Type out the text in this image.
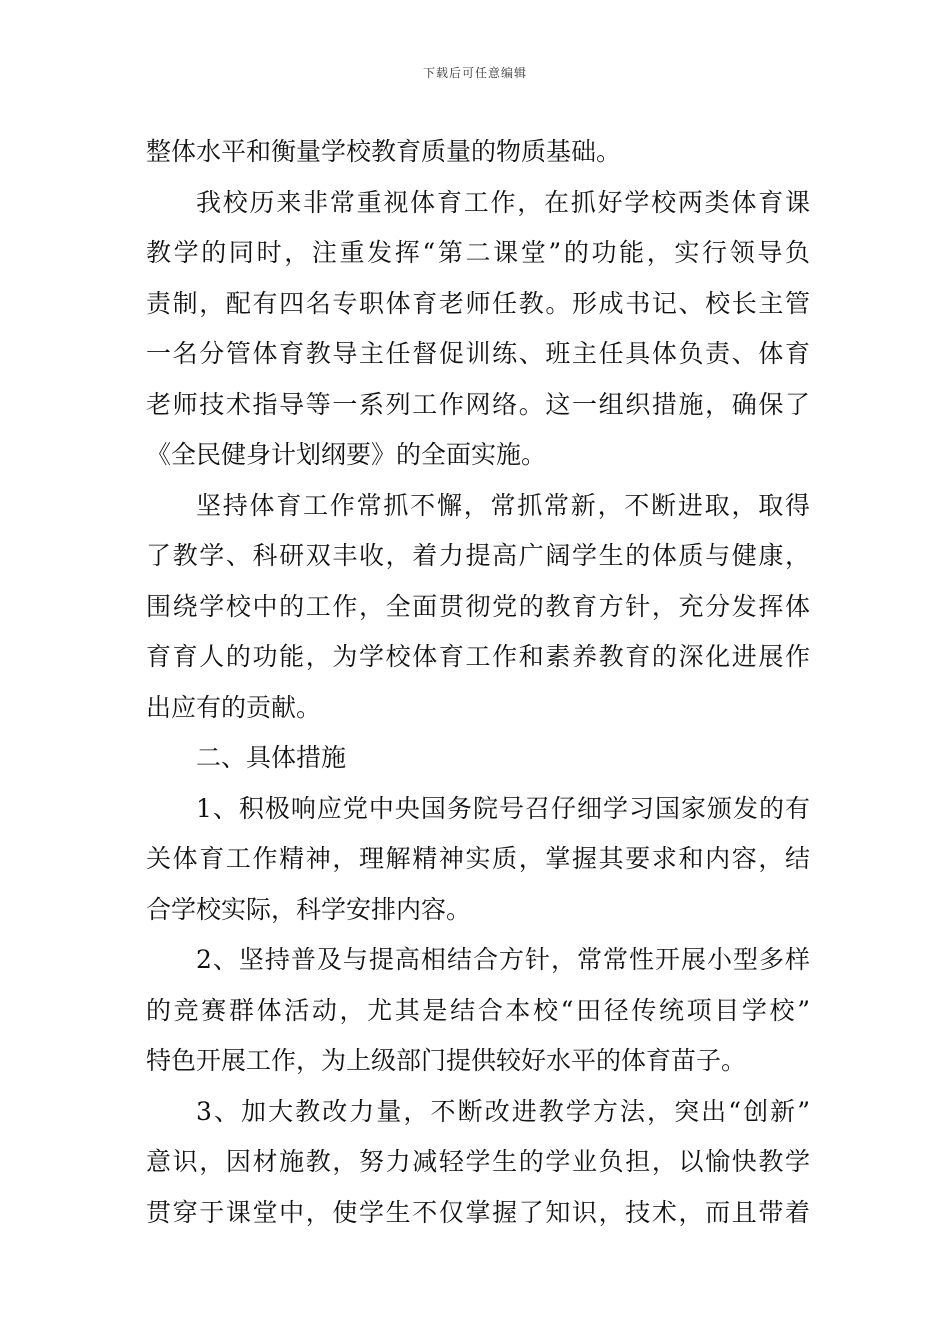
下载后可任意编辑
整体水平和衡量学校教育质量的物质基础。
我校历来非常重视体育工作，在抓好学校两类体育课
教学的同时，注重发挥“第二课堂”的功能，实行领导负
责制，配有四名专职体育老师任教。形成书记、校长主管
一名分管体育教导主任督促训练、班主任具体负责、体育
老师技术指导等一系列工作网络。这一组织措施，确保了
《全民健身计划纲要》的全面实施。
坚持体育工作常抓不懈，常抓常新，不断进取，取得
了教学、科研双丰收，着力提高广阔学生的体质与健康，
围绕学校中的工作，全面贯彻党的教育方针，充分发挥体
育育人的功能，为学校体育工作和素养教育的深化进展作
出应有的贡献。
二、具体措施
1、积极响应党中央国务院号召仔细学习国家颁发的有
关体育工作精神，理解精神实质，掌握其要求和内容，结
合学校实际，科学安排内容。
2、坚持普及与提高相结合方针，常常性开展小型多样
的竞赛群体活动，尤其是结合本校“田径传统项目学校”
特色开展工作，为上级部门提供较好水平的体育苗子。
3、加大教改力量，不断改进教学方法，突出“创新”
意识，因材施教，努力减轻学生的学业负担，以愉快教学
贯穿于课堂中，使学生不仅掌握了知识，技术，而且带着
